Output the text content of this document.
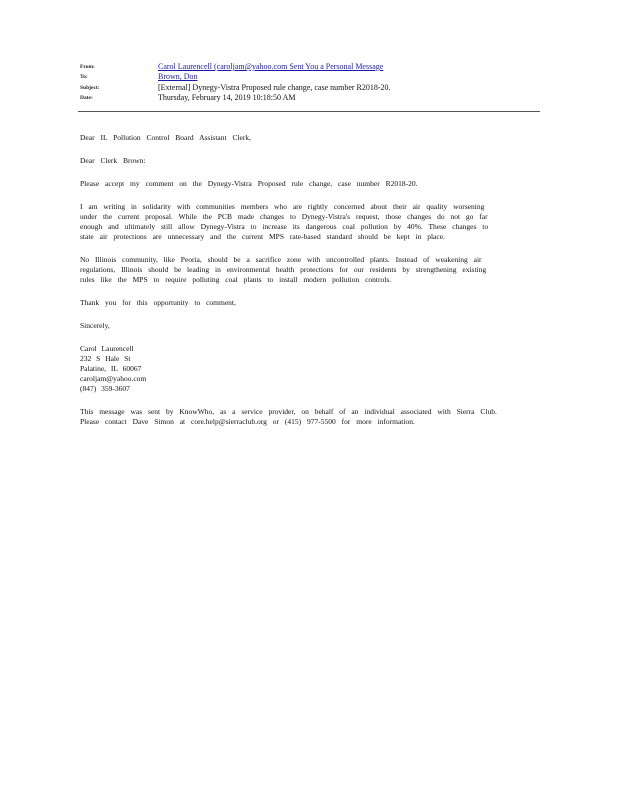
From:	Carol Laurencell (caroljam@yahoo.com Sent You a Personal Message
To:	Brown, Don
Subject:	[External] Dynegy-Vistra Proposed rule change, case number R2018-20.
Date:	Thursday, February 14, 2019 10:18:50 AM

Dear IL Pollution Control Board Assistant Clerk,

Dear Clerk Brown:

Please accept my comment on the Dynegy-Vistra Proposed rule change, case number R2018-20.

I am writing in solidarity with communities members who are rightly concerned about their air quality worsening
under the current proposal. While the PCB made changes to Dynegy-Vistra's request, those changes do not go far
enough and ultimately still allow Dynegy-Vistra to increase its dangerous coal pollution by 40%. These changes to
state air protections are unnecessary and the current MPS rate-based standard should be kept in place.

No Illinois community, like Peoria, should be a sacrifice zone with uncontrolled plants. Instead of weakening air
regulations, Illinois should be leading in environmental health protections for our residents by strengthening existing
rules like the MPS to require polluting coal plants to install modern pollution controls.

Thank you for this opportunity to comment,

Sincerely,

Carol Laurencell
232 S Hale St
Palatine, IL 60067
caroljam@yahoo.com
(847) 359-3607

This message was sent by KnowWho, as a service provider, on behalf of an individual associated with Sierra Club.
Please contact Dave Simon at core.help@sierraclub.org or (415) 977-5500 for more information.
